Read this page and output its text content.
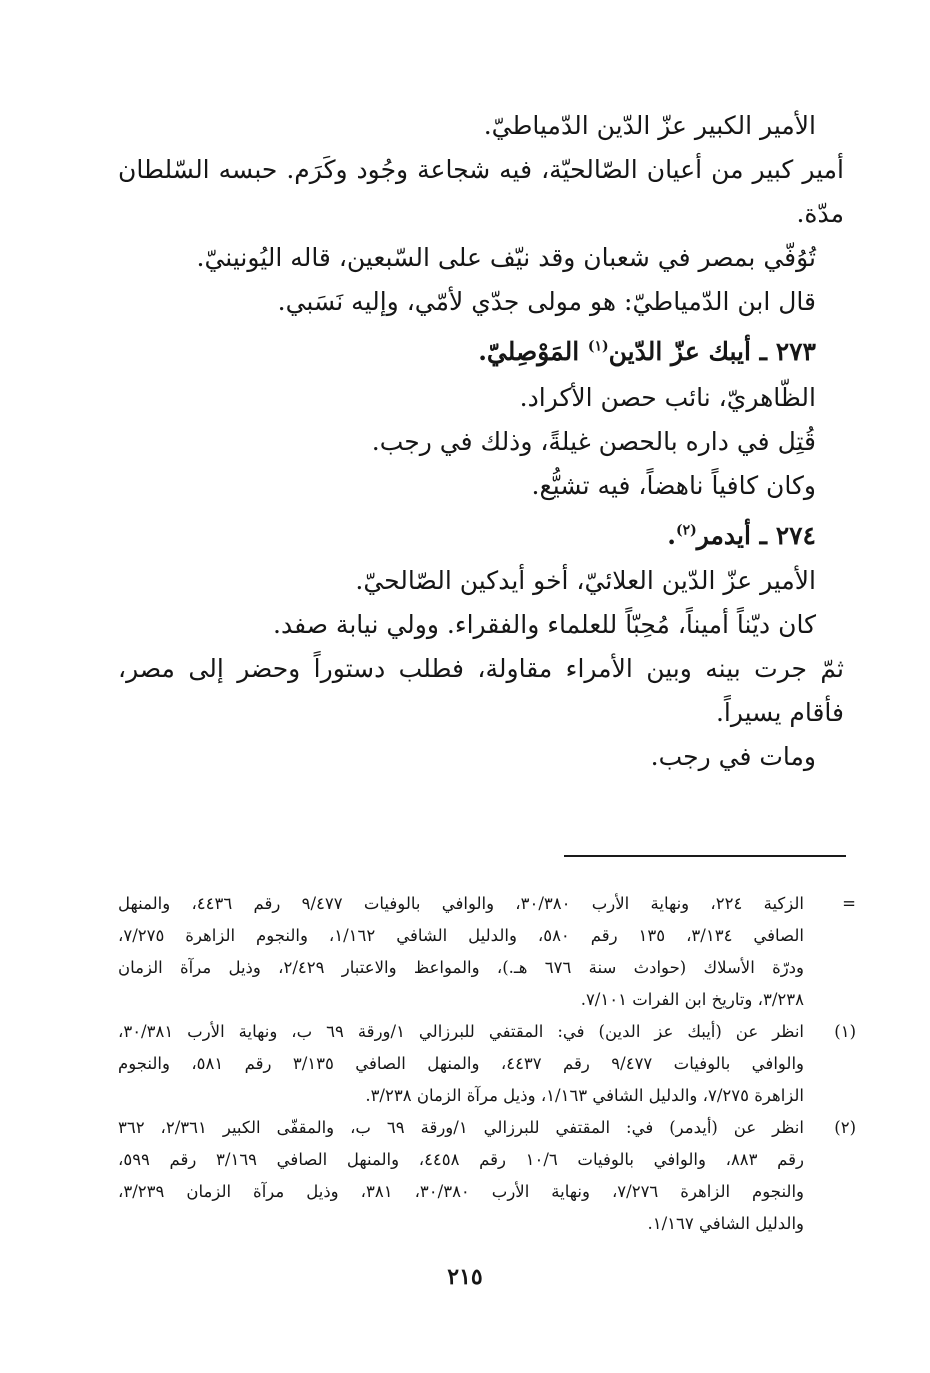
الأمير الكبير عزّ الدّين الدّمياطيّ.
أمير كبير من أعيان الصّالحيّة، فيه شجاعة وجُود وكَرَم. حبسه السّلطان
مدّة.
تُوُفّي بمصر في شعبان وقد نيّف على السّبعين، قاله اليُونينيّ.
قال ابن الدّمياطيّ: هو مولى جدّي لأمّي، وإليه نَسَبي.
٢٧٣ ـ أيبك عزّ الدّين$^{(١)}$ المَوْصِليّ.
الظّاهريّ، نائب حصن الأكراد.
قُتِل في داره بالحصن غيلةً، وذلك في رجب.
وكان كافياً ناهضاً، فيه تشيُّع.
٢٧٤ ـ أيدمر$^{(٢)}$.
الأمير عزّ الدّين العلائيّ، أخو أيدكين الصّالحيّ.
كان ديّناً أميناً، مُحِبّاً للعلماء والفقراء. وولي نيابة صفد.
ثمّ جرت بينه وبين الأمراء مقاولة، فطلب دستوراً وحضر إلى مصر،
فأقام يسيراً.
ومات في رجب.
=
الزكية ٢٢٤، ونهاية الأرب ٣٠/٣٨٠، والوافي بالوفيات ٩/٤٧٧ رقم ٤٤٣٦، والمنهل
الصافي ٣/١٣٤، ١٣٥ رقم ٥٨٠، والدليل الشافي ١/١٦٢، والنجوم الزاهرة ٧/٢٧٥،
ودرّة الأسلاك (حوادث سنة ٦٧٦ هـ.)، والمواعظ والاعتبار ٢/٤٢٩، وذيل مرآة الزمان
٣/٢٣٨، وتاريخ ابن الفرات ٧/١٠١.
(١)
انظر عن (أيبك عز الدين) في: المقتفي للبرزالي ١/ورقة ٦٩ ب، ونهاية الأرب ٣٠/٣٨١،
والوافي بالوفيات ٩/٤٧٧ رقم ٤٤٣٧، والمنهل الصافي ٣/١٣٥ رقم ٥٨١، والنجوم
الزاهرة ٧/٢٧٥، والدليل الشافي ١/١٦٣، وذيل مرآة الزمان ٣/٢٣٨.
(٢)
انظر عن (أيدمر) في: المقتفي للبرزالي ١/ورقة ٦٩ ب، والمقفّى الكبير ٢/٣٦١، ٣٦٢
رقم ٨٨٣، والوافي بالوفيات ١٠/٦ رقم ٤٤٥٨، والمنهل الصافي ٣/١٦٩ رقم ٥٩٩،
والنجوم الزاهرة ٧/٢٧٦، ونهاية الأرب ٣٠/٣٨٠، ٣٨١، وذيل مرآة الزمان ٣/٢٣٩،
والدليل الشافي ١/١٦٧.
٢١٥
